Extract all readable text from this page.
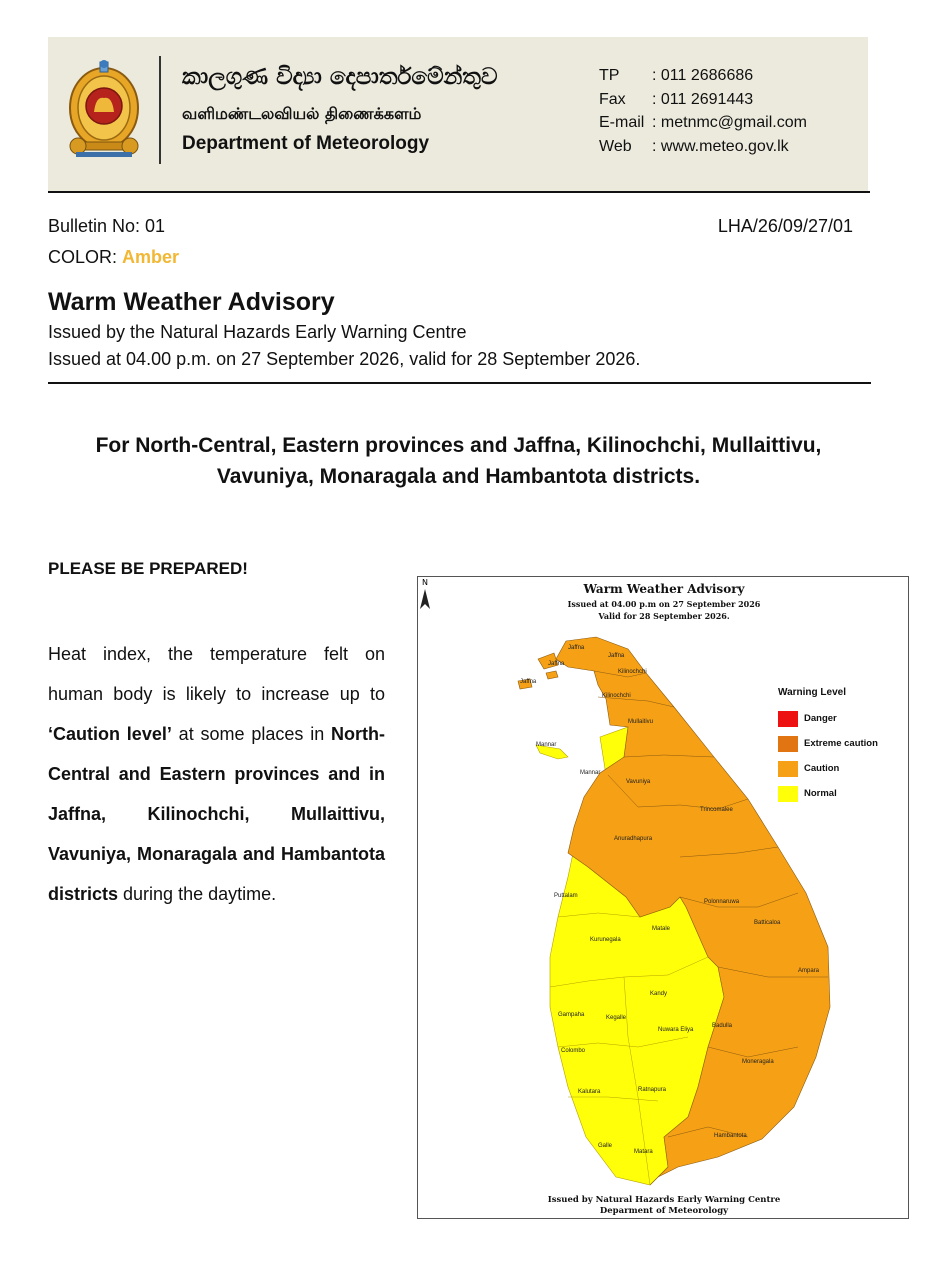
කාලගුණ විද්‍යා දෙපාර්තමේන්තුව
வளிமண்டலவியல் திணைக்களம்
Department of Meteorology
TP	: 011 2686686
Fax	: 011 2691443
E-mail : metnmc@gmail.com
Web	: www.meteo.gov.lk
Bulletin No: 01	LHA/26/09/27/01
COLOR: Amber
Warm Weather Advisory
Issued by the Natural Hazards Early Warning Centre
Issued at 04.00 p.m. on 27 September 2026, valid for 28 September 2026.
For North-Central, Eastern provinces and Jaffna, Kilinochchi, Mullaittivu,
Vavuniya, Monaragala and Hambantota districts.
PLEASE BE PREPARED!
Heat index, the temperature felt on human body is likely to increase up to ‘Caution level’ at some places in North-Central and Eastern provinces and in Jaffna, Kilinochchi, Mullaittivu, Vavuniya, Monaragala and Hambantota districts during the daytime.
Warm Weather Advisory
Issued at 04.00 p.m on 27 September 2026
Valid for 28 September 2026.
N
Warning Level
Danger
Extreme caution
Caution
Normal
Jaffna
Jaffna
Jaffna
Jaffna
Kilinochchi
Kilinochchi
Mullaitivu
Mannar
Mannar
Vavuniya
Trincomalee
Anuradhapura
Polonnaruwa
Batticaloa
Puttalam
Matale
Kurunegala
Kandy
Ampara
Gampaha	Kegalle
Nuwara Eliya
Badulla
Colombo
Moneragala
Kalutara	Ratnapura
Hambantota
Galle
Matara
Issued by Natural Hazards Early Warning Centre
Deparment of Meteorology
